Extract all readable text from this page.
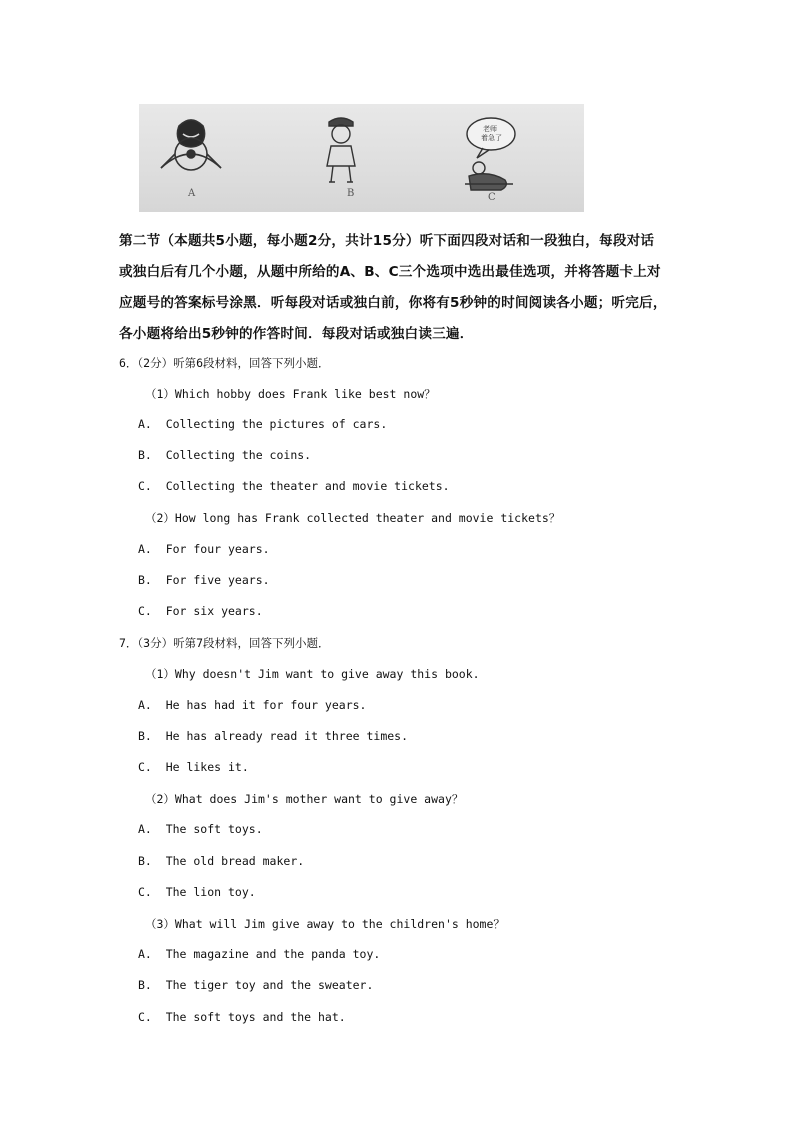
老师
着急了
A	B	C
第二节（本题共5小题，每小题2分，共计15分）听下面四段对话和一段独白，每段对话
或独白后有几个小题，从题中所给的A、B、C三个选项中选出最佳选项，并将答题卡上对
应题号的答案标号涂黑．听每段对话或独白前，你将有5秒钟的时间阅读各小题；听完后，
各小题将给出5秒钟的作答时间．每段对话或独白读三遍．
6．（2分）听第6段材料，回答下列小题．
（1）Which hobby does Frank like best now？
A.  Collecting the pictures of cars.
B.  Collecting the coins.
C.  Collecting the theater and movie tickets.
（2）How long has Frank collected theater and movie tickets？
A.  For four years.
B.  For five years.
C.  For six years.
7．（3分）听第7段材料，回答下列小题．
（1）Why doesn't Jim want to give away this book.
A.  He has had it for four years.
B.  He has already read it three times.
C.  He likes it.
（2）What does Jim's mother want to give away？
A.  The soft toys.
B.  The old bread maker.
C.  The lion toy.
（3）What will Jim give away to the children's home？
A.  The magazine and the panda toy.
B.  The tiger toy and the sweater.
C.  The soft toys and the hat.
